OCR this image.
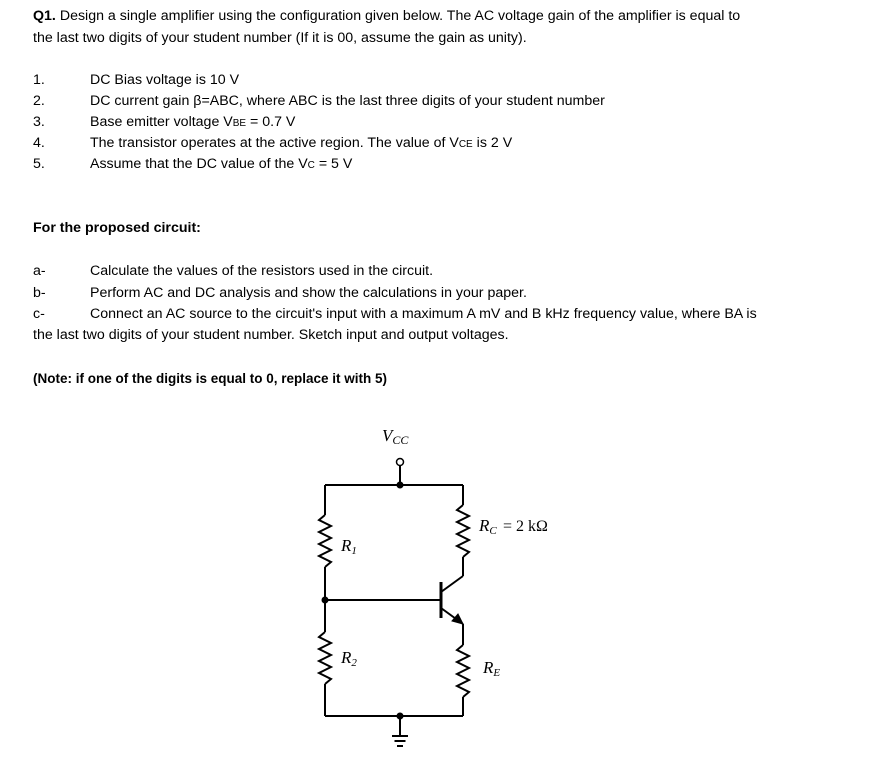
Q1. Design a single amplifier using the configuration given below. The AC voltage gain of the amplifier is equal to
the last two digits of your student number (If it is 00, assume the gain as unity).
1.	DC Bias voltage is 10 V
2.	DC current gain β=ABC, where ABC is the last three digits of your student number
3.	Base emitter voltage VBE = 0.7 V
4.	The transistor operates at the active region. The value of VCE is 2 V
5.	Assume that the DC value of the VC = 5 V
For the proposed circuit:
a-	Calculate the values of the resistors used in the circuit.
b-	Perform AC and DC analysis and show the calculations in your paper.
c-	Connect an AC source to the circuit's input with a maximum A mV and B kHz frequency value, where BA is
the last two digits of your student number. Sketch input and output voltages.
(Note: if one of the digits is equal to 0, replace it with 5)
VCC
R1
R2
RC = 2 kΩ
RE
